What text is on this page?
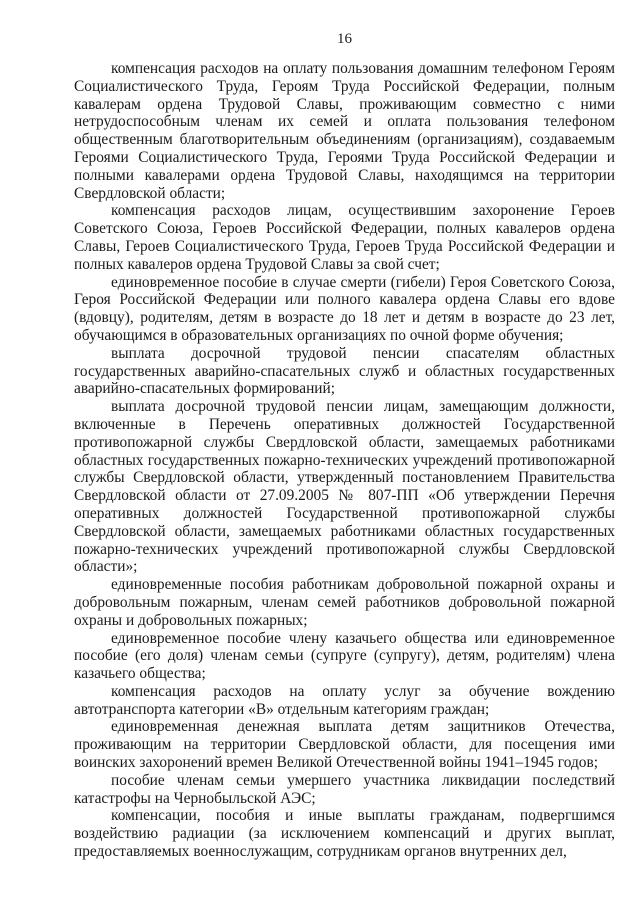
16

компенсация расходов на оплату пользования домашним телефоном Героям Социалистического Труда, Героям Труда Российской Федерации, полным кавалерам ордена Трудовой Славы, проживающим совместно с ними нетрудоспособным членам их семей и оплата пользования телефоном общественным благотворительным объединениям (организациям), создаваемым Героями Социалистического Труда, Героями Труда Российской Федерации и полными кавалерами ордена Трудовой Славы, находящимся на территории Свердловской области;

компенсация расходов лицам, осуществившим захоронение Героев Советского Союза, Героев Российской Федерации, полных кавалеров ордена Славы, Героев Социалистического Труда, Героев Труда Российской Федерации и полных кавалеров ордена Трудовой Славы за свой счет;

единовременное пособие в случае смерти (гибели) Героя Советского Союза, Героя Российской Федерации или полного кавалера ордена Славы его вдове (вдовцу), родителям, детям в возрасте до 18 лет и детям в возрасте до 23 лет, обучающимся в образовательных организациях по очной форме обучения;

выплата досрочной трудовой пенсии спасателям областных государственных аварийно-спасательных служб и областных государственных аварийно-спасательных формирований;

выплата досрочной трудовой пенсии лицам, замещающим должности, включенные в Перечень оперативных должностей Государственной противопожарной службы Свердловской области, замещаемых работниками областных государственных пожарно-технических учреждений противопожарной службы Свердловской области, утвержденный постановлением Правительства Свердловской области от 27.09.2005 № 807-ПП «Об утверждении Перечня оперативных должностей Государственной противопожарной службы Свердловской области, замещаемых работниками областных государственных пожарно-технических учреждений противопожарной службы Свердловской области»;

единовременные пособия работникам добровольной пожарной охраны и добровольным пожарным, членам семей работников добровольной пожарной охраны и добровольных пожарных;

единовременное пособие члену казачьего общества или единовременное пособие (его доля) членам семьи (супруге (супругу), детям, родителям) члена казачьего общества;

компенсация расходов на оплату услуг за обучение вождению автотранспорта категории «В» отдельным категориям граждан;

единовременная денежная выплата детям защитников Отечества, проживающим на территории Свердловской области, для посещения ими воинских захоронений времен Великой Отечественной войны 1941–1945 годов;

пособие членам семьи умершего участника ликвидации последствий катастрофы на Чернобыльской АЭС;

компенсации, пособия и иные выплаты гражданам, подвергшимся воздействию радиации (за исключением компенсаций и других выплат, предоставляемых военнослужащим, сотрудникам органов внутренних дел,
